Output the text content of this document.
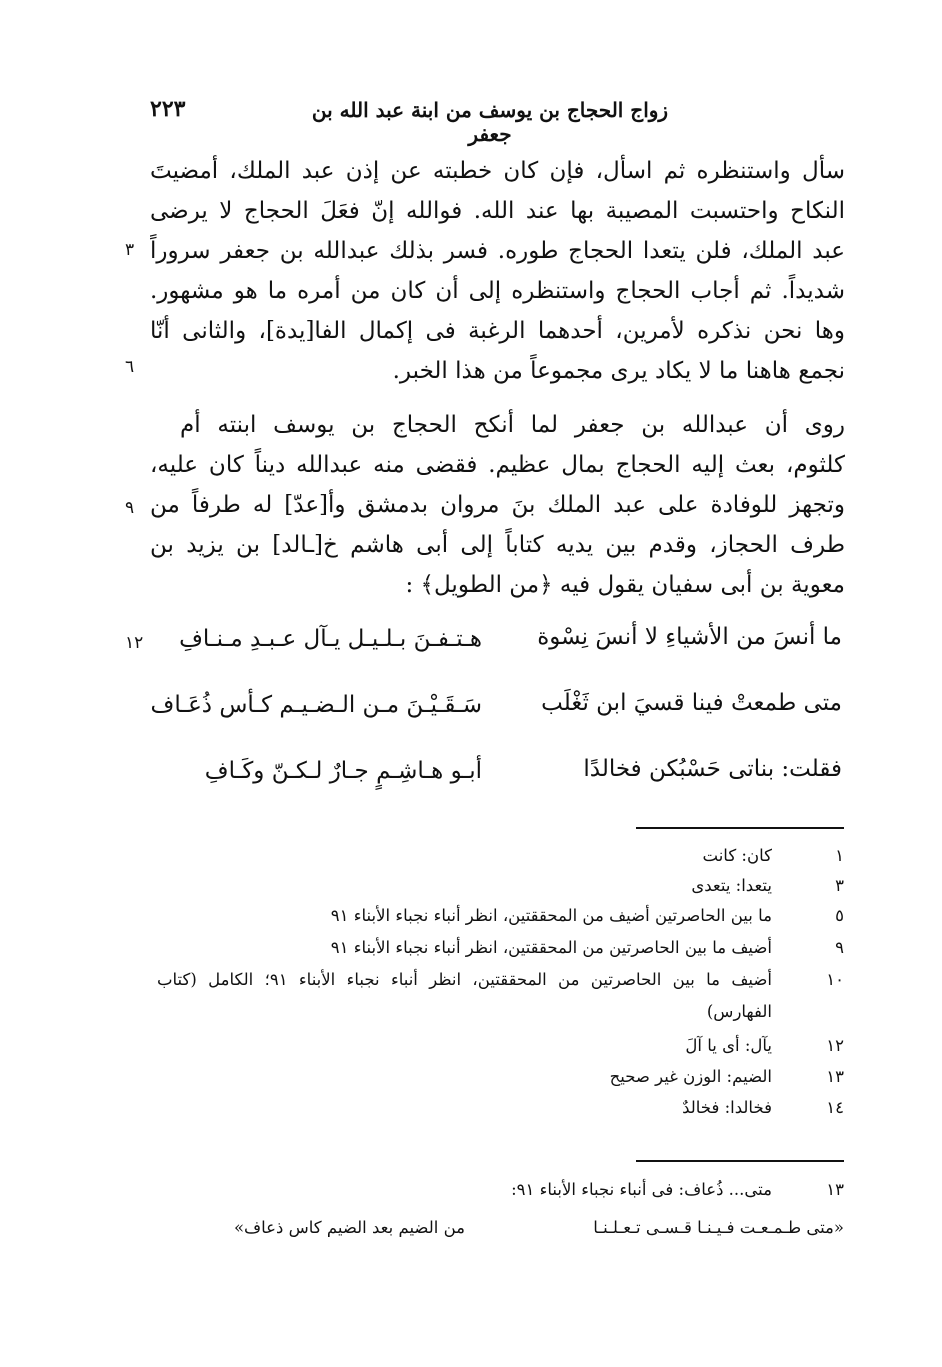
زواج الحجاج بن يوسف من ابنة عبد الله بن جعفر
٢٢٣
سأل واستنظره ثم اسأل، فإن كان خطبته عن إذن عبد الملك، أمضيتَ
النكاح واحتسبت المصيبة بها عند الله. فوالله إنّ فعَلَ الحجاج لا يرضى
عبد الملك، فلن يتعدا الحجاج طوره. فسر بذلك عبدالله بن جعفر سروراً
شديداً. ثم أجاب الحجاج واستنظره إلى أن كان من أمره ما هو مشهور.
وها نحن نذكره لأمرين، أحدهما الرغبة فى إكمال الفا[يدة]، والثانى أنّا
نجمع هاهنا ما لا يكاد يرى مجموعاً من هذا الخبر.
روى أن عبدالله بن جعفر لما أنكح الحجاج بن يوسف ابنته أم
كلثوم، بعث إليه الحجاج بمال عظيم. فقضى منه عبدالله ديناً كان عليه،
وتجهز للوفادة على عبد الملك بنَ مروان بدمشق وأ[عدّ] له طرفاً من
طرف الحجاز، وقدم بين يديه كتاباً إلى أبى هاشم خ[ـالد] بن يزيد بن
معوية بن أبى سفيان يقول فيه ﴿من الطويل﴾ :
٣
٦
٩
١٢	ما أنسَ من الأشياءِ لا أنسَ نِسْوة
هـتـفـنَ بـلـيـل يـآل عـبـدِ مـنـافِ
متى طمعتْ فينا قسيَ ابن ثَغْلَب
سَـقَـيْـنَ مـن الـضـيـم كـأس ذُعَـاف
فقلت: بناتى حَسْبُكن فخالدًا
أبـو هـاشِـمٍ جـارٌ لـكـنّ وكَـافِ
١
كان: كانت
٣
يتعدا: يتعدى
٥
ما بين الحاصرتين أضيف من المحققتين، انظر أنباء نجباء الأبناء ٩١
٩
أضيف ما بين الحاصرتين من المحققتين، انظر أنباء نجباء الأبناء ٩١
١٠
أضيف ما بين الحاصرتين من المحققتين، انظر أنباء نجباء الأبناء ٩١؛ الكامل (كتاب
الفهارس)
١٢
يآل: أى يا آلَ
١٣
الضيم: الوزن غير صحيح
١٤
فخالدا: فخالدٌ
١٣
متى... ذُعاف: فى أنباء نجباء الأبناء ٩١:
«متى طـمـعـت فـيـنـا قـسـى تـعـلـنـا
من الضيم بعد الضيم كاس ذعاف»
